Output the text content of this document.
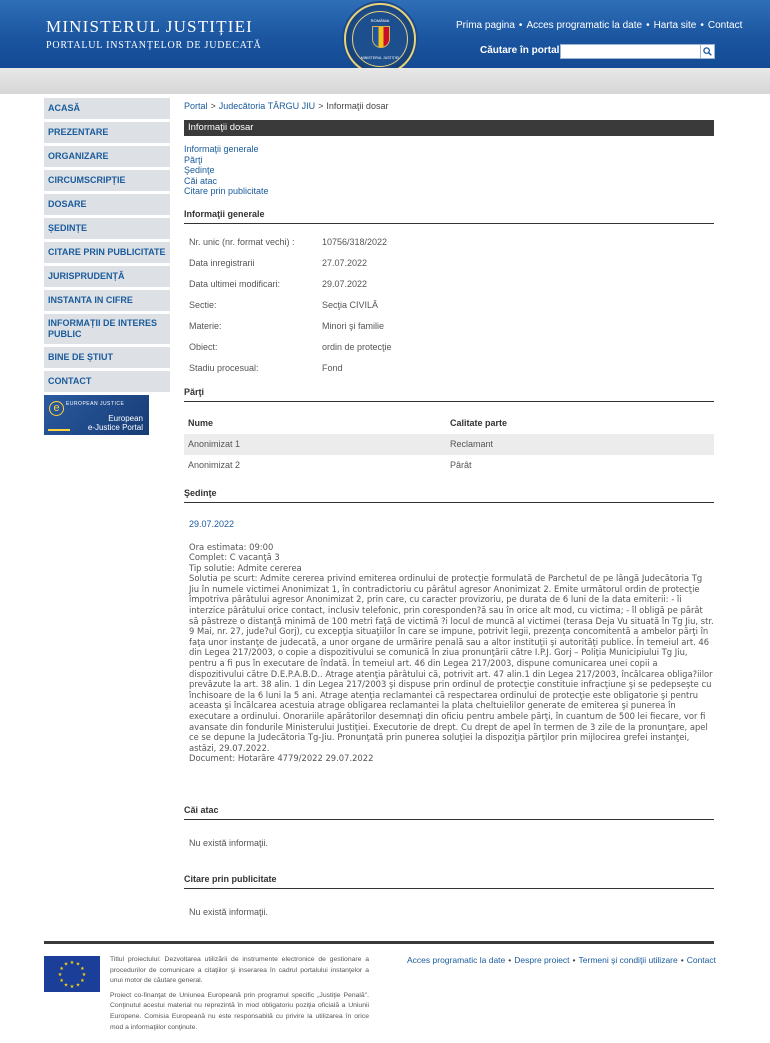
MINISTERUL JUSTIȚIEI
PORTALUL INSTANȚELOR DE JUDECATĂ
ROMÂNIA
MINISTERUL JUSTIȚIEI
Prima pagina • Acces programatic la date • Harta site • Contact
Căutare în portal
ACASĂ
PREZENTARE
ORGANIZARE
CIRCUMSCRIPȚIE
DOSARE
ȘEDINȚE
CITARE PRIN PUBLICITATE
JURISPRUDENȚĂ
INSTANTA IN CIFRE
INFORMAȚII DE INTERES PUBLIC
BINE DE ȘTIUT
CONTACT
e	EUROPEAN JUSTICE
European
e-Justice Portal
Portal > Judecătoria TÂRGU JIU > Informaţii dosar
Informaţii dosar
Informaţii generale
Părţi
Şedinţe
Căi atac
Citare prin publicitate
Informaţii generale
Nr. unic (nr. format vechi) :	10756/318/2022
Data inregistrarii	27.07.2022
Data ultimei modificari:	29.07.2022
Sectie:	Secţia CIVILĂ
Materie:	Minori şi familie
Obiect:	ordin de protecţie
Stadiu procesual:	Fond
Părţi
Nume	Calitate parte
Anonimizat 1	Reclamant
Anonimizat 2	Pârât
Şedinţe
29.07.2022

Ora estimata: 09:00

Complet: C vacanţă 3

Tip solutie: Admite cererea

Solutia pe scurt: Admite cererea privind emiterea ordinului de protecţie formulată de Parchetul de pe lângă Judecătoria Tg Jiu în numele victimei Anonimizat 1, în contradictoriu cu pârâtul agresor Anonimizat 2. Emite următorul ordin de protecţie împotriva pârâtului agresor Anonimizat 2, prin care, cu caracter provizoriu, pe durata de 6 luni de la data emiterii: - îi interzice pârâtului orice contact, inclusiv telefonic, prin coresponden?ă sau în orice alt mod, cu victima; - îl obligă pe pârât să păstreze o distanţă minimă de 100 metri faţă de victimă ?i locul de muncă al victimei (terasa Deja Vu situată în Tg Jiu, str. 9 Mai, nr. 27, jude?ul Gorj), cu excepţia situaţiilor în care se impune, potrivit legii, prezenţa concomitentă a ambelor părţi în faţa unor instanţe de judecată, a unor organe de urmărire penală sau a altor instituţii şi autorităţi publice. În temeiul art. 46 din Legea 217/2003, o copie a dispozitivului se comunică în ziua pronunţării către I.P.J. Gorj – Poliţia Municipiului Tg Jiu, pentru a fi pus în executare de îndată. În temeiul art. 46 din Legea 217/2003, dispune comunicarea unei copii a dispozitivului către D.E.P.A.B.D.. Atrage atenţia pârâtului că, potrivit art. 47 alin.1 din Legea 217/2003, încălcarea obliga?iilor prevăzute la art. 38 alin. 1 din Legea 217/2003 şi dispuse prin ordinul de protecţie constituie infracţiune şi se pedepseşte cu închisoare de la 6 luni la 5 ani. Atrage atenţia reclamantei că respectarea ordinului de protecţie este obligatorie şi pentru aceasta şi încălcarea acestuia atrage obligarea reclamantei la plata cheltuielilor generate de emiterea şi punerea în executare a ordinului. Onorariile apărătorilor desemnaţi din oficiu pentru ambele părţi, în cuantum de 500 lei fiecare, vor fi avansate din fondurile Ministerului Justiţiei. Executorie de drept. Cu drept de apel în termen de 3 zile de la pronunţare, apel ce se depune la Judecătoria Tg-Jiu. Pronunţată prin punerea soluţiei la dispoziţia părţilor prin mijlocirea grefei instanţei, astăzi, 29.07.2022.

Document: Hotarâre 4779/2022 29.07.2022

Căi atac
Nu există informaţii.
Citare prin publicitate
Nu există informaţii.
★ ★
★
★
★
★
★
★
★
★
★
★

Titlul proiectului: Dezvoltarea utilizării de instrumente electronice de gestionare a procedurilor de comunicare a citaţiilor şi inserarea în cadrul portalului instanţelor a unui motor de căutare general.

Proiect co-finanţat de Uniunea Europeană prin programul specific „Justiţie Penală". Conţinutul acestui material nu reprezintă în mod obligatoriu poziţia oficială a Uniunii Europene. Comisia Europeană nu este responsabilă cu privire la utilizarea în orice mod a informaţiilor conţinute.

Acces programatic la date • Despre proiect • Termeni şi condiţii utilizare • Contact
